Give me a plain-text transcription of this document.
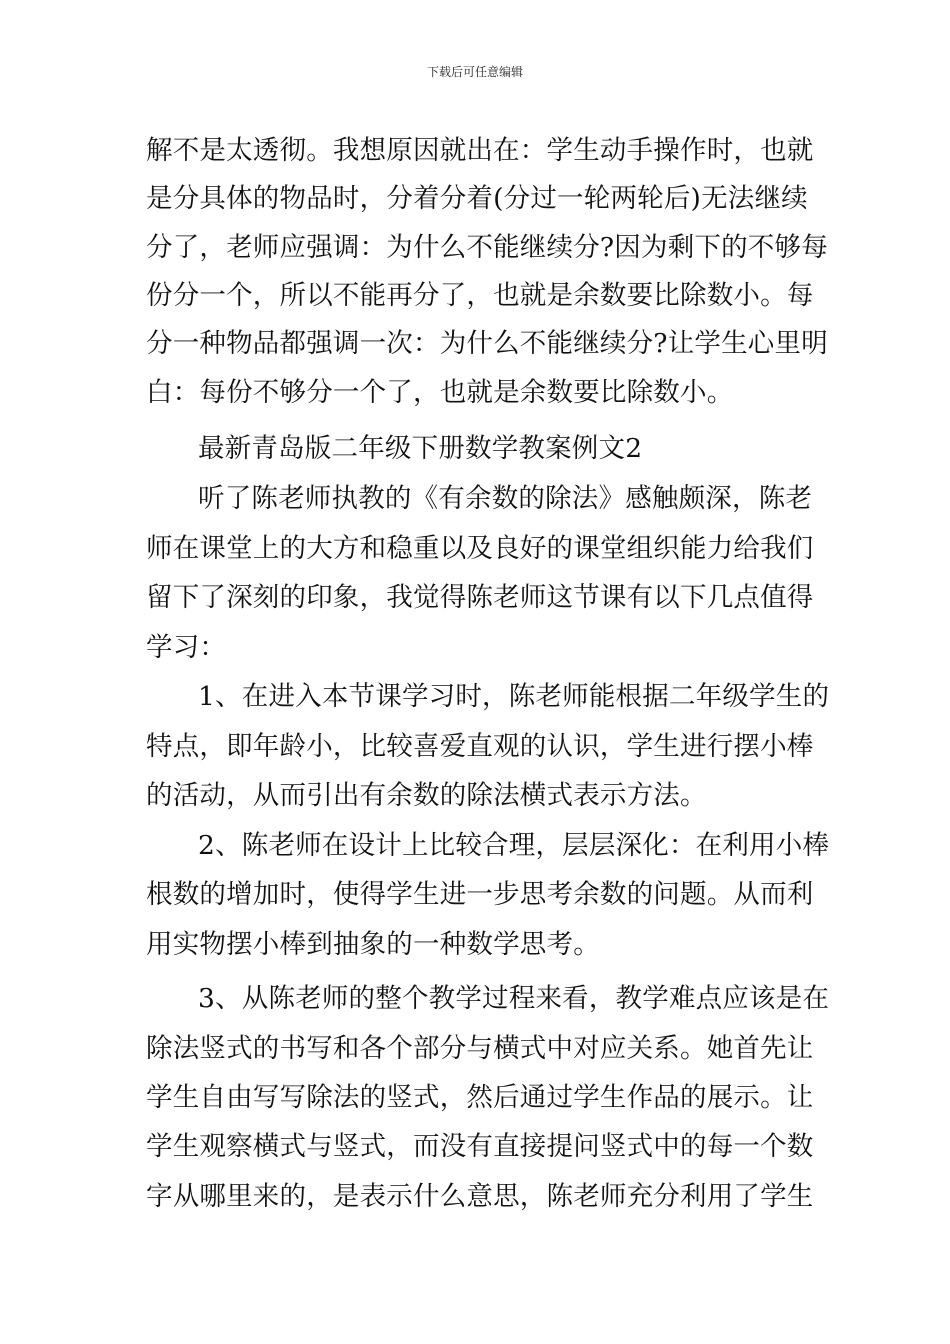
下载后可任意编辑
解不是太透彻。我想原因就出在：学生动手操作时，也就
是分具体的物品时，分着分着(分过一轮两轮后)无法继续
分了，老师应强调：为什么不能继续分?因为剩下的不够每
份分一个，所以不能再分了，也就是余数要比除数小。每
分一种物品都强调一次：为什么不能继续分?让学生心里明
白：每份不够分一个了，也就是余数要比除数小。
最新青岛版二年级下册数学教案例文2
听了陈老师执教的《有余数的除法》感触颇深，陈老
师在课堂上的大方和稳重以及良好的课堂组织能力给我们
留下了深刻的印象，我觉得陈老师这节课有以下几点值得
学习：
1、在进入本节课学习时，陈老师能根据二年级学生的
特点，即年龄小，比较喜爱直观的认识，学生进行摆小棒
的活动，从而引出有余数的除法横式表示方法。
2、陈老师在设计上比较合理，层层深化：在利用小棒
根数的增加时，使得学生进一步思考余数的问题。从而利
用实物摆小棒到抽象的一种数学思考。
3、从陈老师的整个教学过程来看，教学难点应该是在
除法竖式的书写和各个部分与横式中对应关系。她首先让
学生自由写写除法的竖式，然后通过学生作品的展示。让
学生观察横式与竖式，而没有直接提问竖式中的每一个数
字从哪里来的，是表示什么意思，陈老师充分利用了学生
